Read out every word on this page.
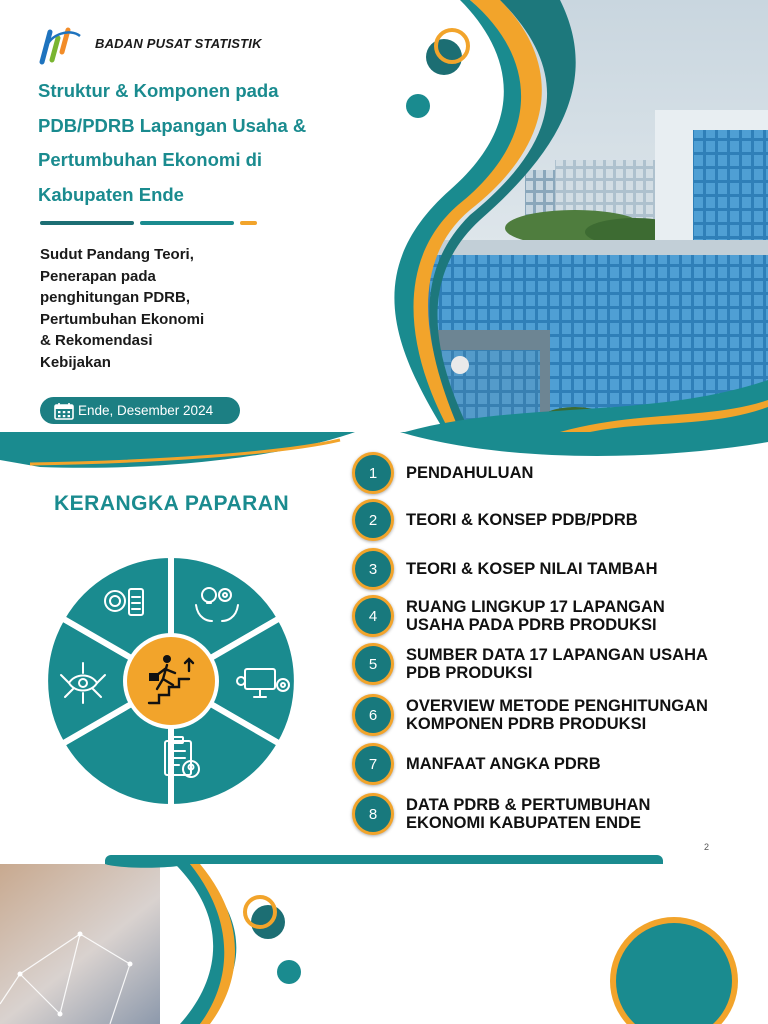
BADAN PUSAT STATISTIK
Struktur & Komponen pada
PDB/PDRB Lapangan Usaha &
Pertumbuhan Ekonomi di
Kabupaten Ende
Sudut Pandang Teori,
Penerapan pada
penghitungan PDRB,
Pertumbuhan Ekonomi
& Rekomendasi
Kebijakan
Ende, Desember 2024
KERANGKA PAPARAN
1 PENDAHULUAN
2 TEORI & KONSEP PDB/PDRB
3 TEORI & KOSEP NILAI TAMBAH
4 RUANG LINGKUP 17 LAPANGAN
USAHA PADA PDRB PRODUKSI
5 SUMBER DATA 17 LAPANGAN USAHA
PDB PRODUKSI
6 OVERVIEW METODE PENGHITUNGAN
KOMPONEN PDRB PRODUKSI
7 MANFAAT ANGKA PDRB
8 DATA PDRB & PERTUMBUHAN
EKONOMI KABUPATEN ENDE
2
